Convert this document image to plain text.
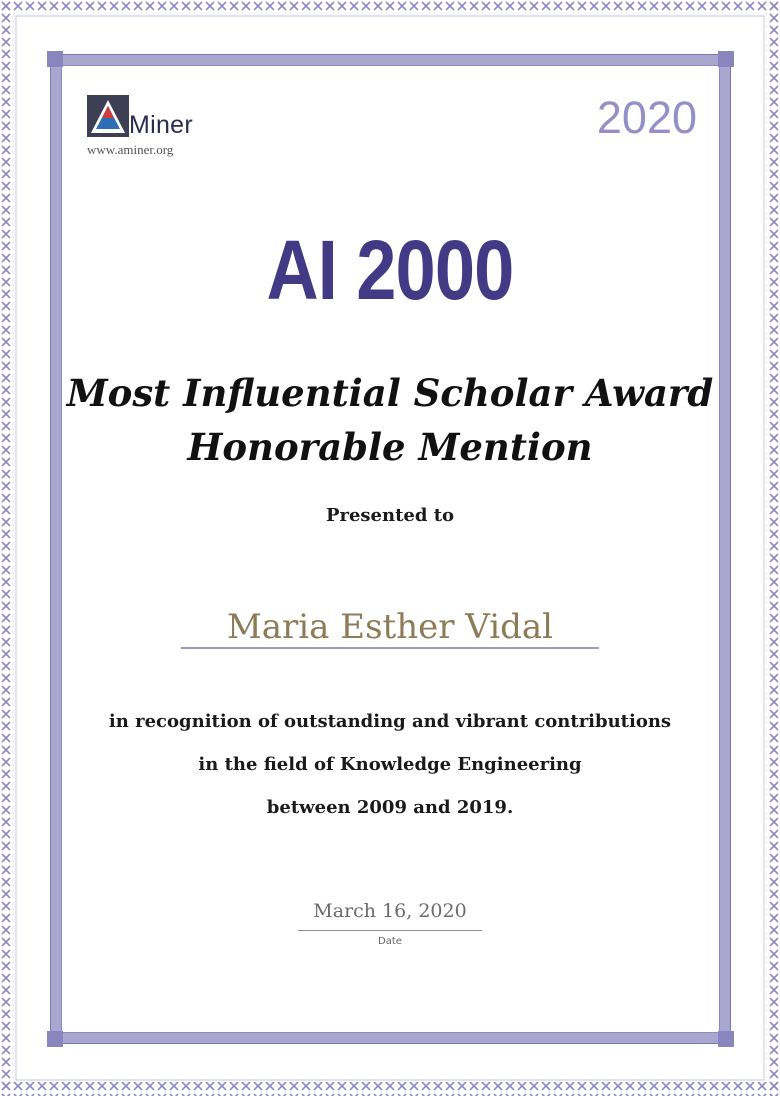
Miner
www.aminer.org
2020
AI 2000
Most Influential Scholar Award
Honorable Mention
Presented to
Maria Esther Vidal
in recognition of outstanding and vibrant contributions
in the field of Knowledge Engineering
between 2009 and 2019.
March 16, 2020
Date
